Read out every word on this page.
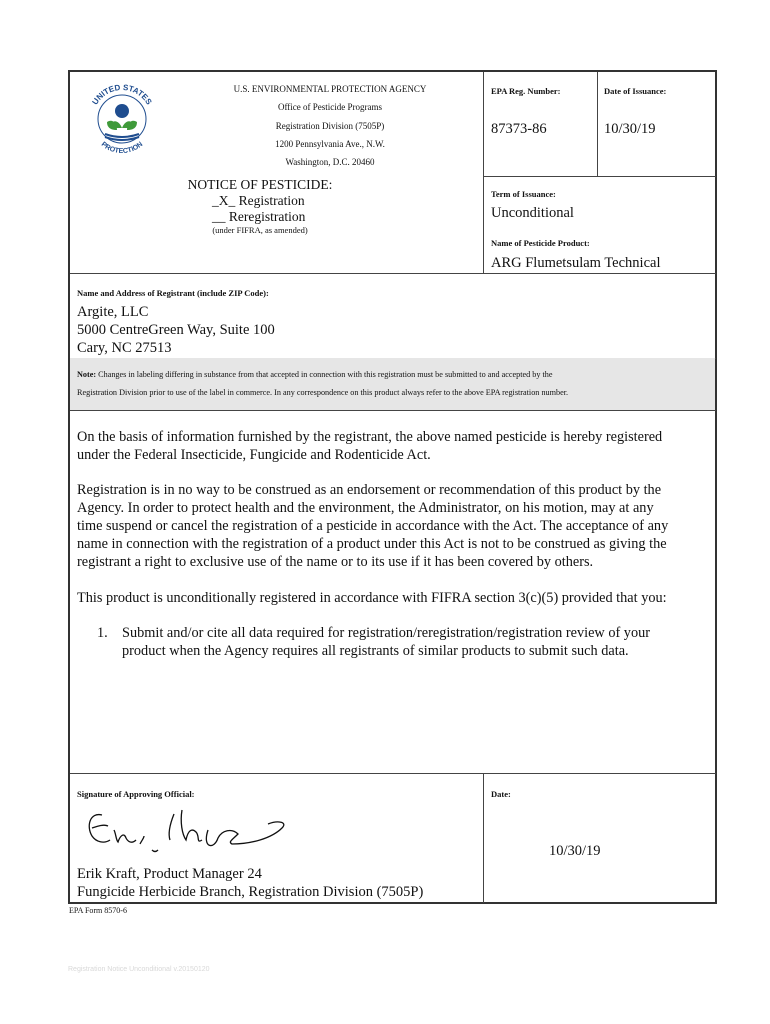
UNITED STATES
PROTECTION
U.S. ENVIRONMENTAL PROTECTION AGENCY
Office of Pesticide Programs
Registration Division (7505P)
1200 Pennsylvania Ave., N.W.
Washington, D.C. 20460
NOTICE OF PESTICIDE:
_X_ Registration
__ Reregistration
(under FIFRA, as amended)
EPA Reg. Number:
87373-86
Date of Issuance:
10/30/19
Term of Issuance:
Unconditional
Name of Pesticide Product:
ARG Flumetsulam Technical
Name and Address of Registrant (include ZIP Code):
Argite, LLC
5000 CentreGreen Way, Suite 100
Cary, NC 27513
Note: Changes in labeling differing in substance from that accepted in connection with this registration must be submitted to and accepted by the
Registration Division prior to use of the label in commerce. In any correspondence on this product always refer to the above EPA registration number.

On the basis of information furnished by the registrant, the above named pesticide is hereby registered

under the Federal Insecticide, Fungicide and Rodenticide Act.

Registration is in no way to be construed as an endorsement or recommendation of this product by the

Agency. In order to protect health and the environment, the Administrator, on his motion, may at any

time suspend or cancel the registration of a pesticide in accordance with the Act. The acceptance of any

name in connection with the registration of a product under this Act is not to be construed as giving the

registrant a right to exclusive use of the name or to its use if it has been covered by others.

This product is unconditionally registered in accordance with FIFRA section 3(c)(5) provided that you:
1. Submit and/or cite all data required for registration/reregistration/registration review of your

product when the Agency requires all registrants of similar products to submit such data.

Signature of Approving Official:
Erik Kraft, Product Manager 24
Fungicide Herbicide Branch, Registration Division (7505P)
Date:
10/30/19
EPA Form 8570-6
Registration Notice Unconditional v.20150120
